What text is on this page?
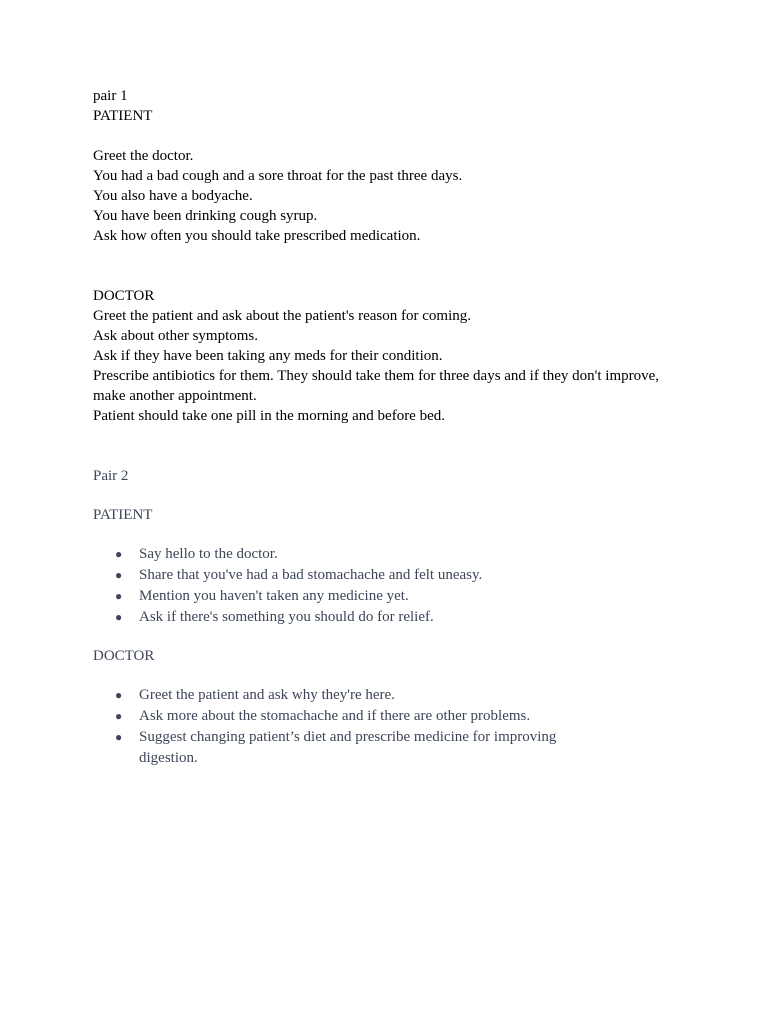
pair 1
PATIENT
Greet the doctor.
You had a bad cough and a sore throat for the past three days.
You also have a bodyache.
You have been drinking cough syrup.
Ask how often you should take prescribed medication.
DOCTOR
Greet the patient and ask about the patient's reason for coming.
Ask about other symptoms.
Ask if they have been taking any meds for their condition.
Prescribe antibiotics for them. They should take them for three days and if they don't improve, make another appointment.
Patient should take one pill in the morning and before bed.
Pair 2
PATIENT
● Say hello to the doctor.
● Share that you've had a bad stomachache and felt uneasy.
● Mention you haven't taken any medicine yet.
● Ask if there's something you should do for relief.
DOCTOR
● Greet the patient and ask why they're here.
● Ask more about the stomachache and if there are other problems.
● Suggest changing patient’s diet and prescribe medicine for improving digestion.
